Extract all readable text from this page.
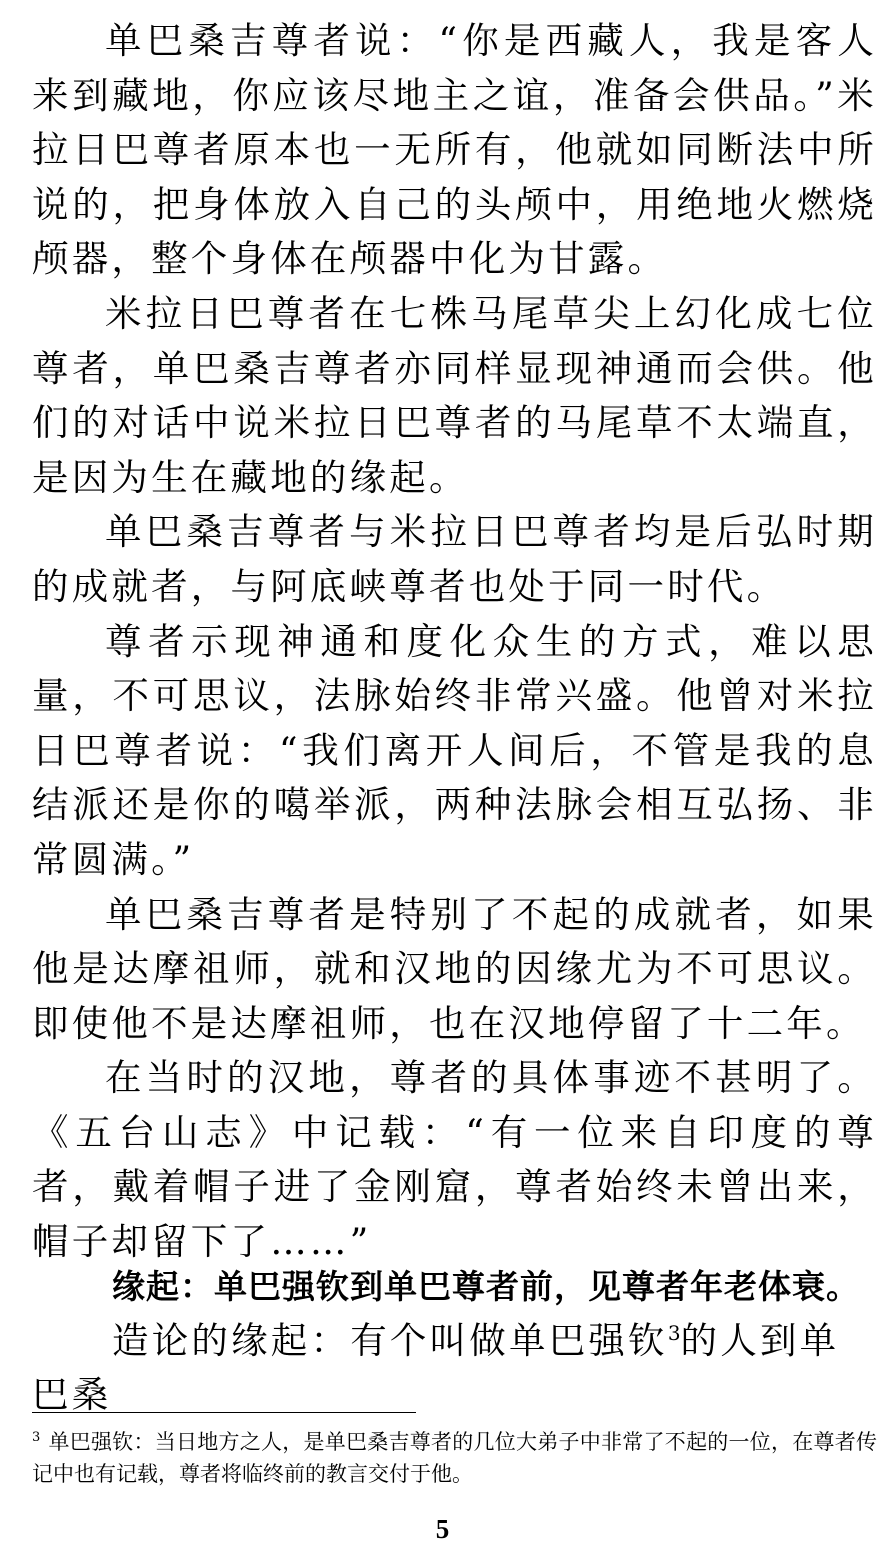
单巴桑吉尊者说：“你是西藏人，我是客人来到藏地，你应该尽地主之谊，准备会供品。”米拉日巴尊者原本也一无所有，他就如同断法中所说的，把身体放入自己的头颅中，用绝地火燃烧颅器，整个身体在颅器中化为甘露。

米拉日巴尊者在七株马尾草尖上幻化成七位尊者，单巴桑吉尊者亦同样显现神通而会供。他们的对话中说米拉日巴尊者的马尾草不太端直，是因为生在藏地的缘起。

单巴桑吉尊者与米拉日巴尊者均是后弘时期的成就者，与阿底峡尊者也处于同一时代。

尊者示现神通和度化众生的方式，难以思量，不可思议，法脉始终非常兴盛。他曾对米拉日巴尊者说：“我们离开人间后，不管是我的息结派还是你的噶举派，两种法脉会相互弘扬、非常圆满。”

单巴桑吉尊者是特别了不起的成就者，如果他是达摩祖师，就和汉地的因缘尤为不可思议。即使他不是达摩祖师，也在汉地停留了十二年。

在当时的汉地，尊者的具体事迹不甚明了。《五台山志》中记载：“有一位来自印度的尊者，戴着帽子进了金刚窟，尊者始终未曾出来，帽子却留下了……”

缘起：单巴强钦到单巴尊者前，见尊者年老体衰。

造论的缘起：有个叫做单巴强钦$^3$的人到单巴桑

$^3$ 单巴强钦：当日地方之人，是单巴桑吉尊者的几位大弟子中非常了不起的一位，在尊者传记中也有记载，尊者将临终前的教言交付于他。

5
